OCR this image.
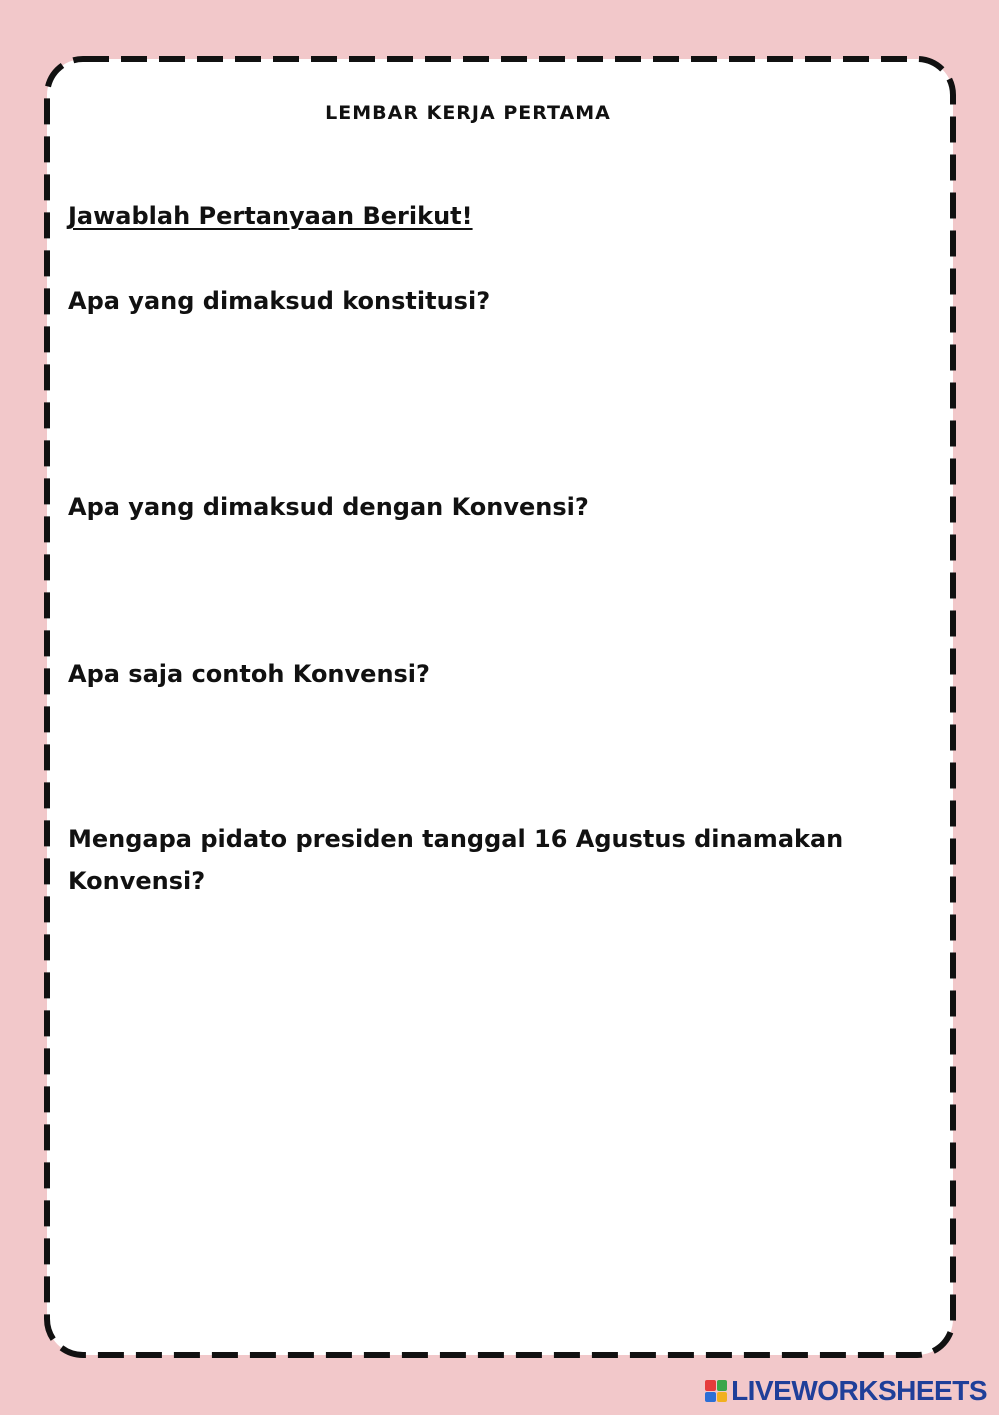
LEMBAR KERJA PERTAMA
Jawablah Pertanyaan Berikut!
Apa yang dimaksud konstitusi?
Apa yang dimaksud dengan Konvensi?
Apa saja contoh Konvensi?
Mengapa pidato presiden tanggal 16 Agustus dinamakan Konvensi?
LIVEWORKSHEETS
